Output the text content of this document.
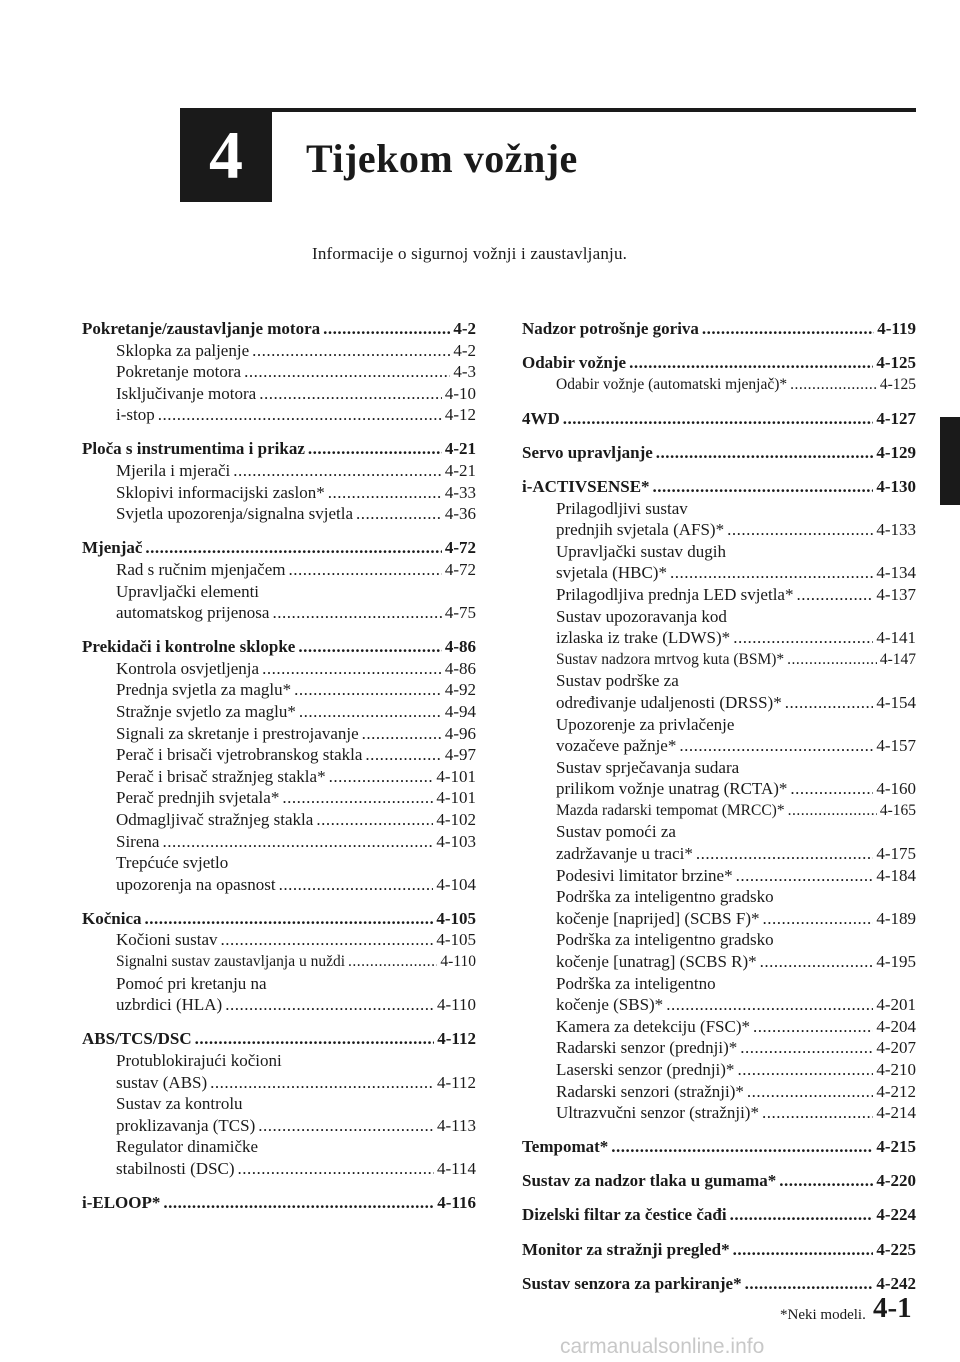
4 Tijekom vožnje
Informacije o sigurnoj vožnji i zaustavljanju.
Pokretanje/zaustavljanje motora .....	4-2
Sklopka za paljenje .....	4-2
Pokretanje motora .....	4-3
Isključivanje motora .....	4-10
i-stop .....	4-12
Ploča s instrumentima i prikaz .....	4-21
Mjerila i mjerači .....	4-21
Sklopivi informacijski zaslon* .....	4-33
Svjetla upozorenja/signalna svjetla .....	4-36
Mjenjač .....	4-72
Rad s ručnim mjenjačem .....	4-72
Upravljački elementi
automatskog prijenosa .....	4-75
Prekidači i kontrolne sklopke .....	4-86
Kontrola osvjetljenja .....	4-86
Prednja svjetla za maglu* .....	4-92
Stražnje svjetlo za maglu* .....	4-94
Signali za skretanje i prestrojavanje .....	4-96
Perač i brisači vjetrobranskog stakla .....	4-97
Perač i brisač stražnjeg stakla* .....	4-101
Perač prednjih svjetala* .....	4-101
Odmagljivač stražnjeg stakla .....	4-102
Sirena .....	4-103
Trepćuće svjetlo
upozorenja na opasnost .....	4-104
Kočnica .....	4-105
Kočioni sustav .....	4-105
Signalni sustav zaustavljanja u nuždi .....	4-110
Pomoć pri kretanju na
uzbrdici (HLA) .....	4-110
ABS/TCS/DSC .....	4-112
Protublokirajući kočioni
sustav (ABS) .....	4-112
Sustav za kontrolu
proklizavanja (TCS) .....	4-113
Regulator dinamičke
stabilnosti (DSC) .....	4-114
i-ELOOP* .....	4-116
Nadzor potrošnje goriva .....	4-119
Odabir vožnje .....	4-125
Odabir vožnje (automatski mjenjač)* .....	4-125
4WD .....	4-127
Servo upravljanje .....	4-129
i-ACTIVSENSE* .....	4-130
Prilagodljivi sustav
prednjih svjetala (AFS)* .....	4-133
Upravljački sustav dugih
svjetala (HBC)* .....	4-134
Prilagodljiva prednja LED svjetla* .....	4-137
Sustav upozoravanja kod
izlaska iz trake (LDWS)* .....	4-141
Sustav nadzora mrtvog kuta (BSM)* .....	4-147
Sustav podrške za
određivanje udaljenosti (DRSS)* .....	4-154
Upozorenje za privlačenje
vozačeve pažnje* .....	4-157
Sustav sprječavanja sudara
prilikom vožnje unatrag (RCTA)* .....	4-160
Mazda radarski tempomat (MRCC)* .....	4-165
Sustav pomoći za
zadržavanje u traci* .....	4-175
Podesivi limitator brzine* .....	4-184
Podrška za inteligentno gradsko
kočenje [naprijed] (SCBS F)* .....	4-189
Podrška za inteligentno gradsko
kočenje [unatrag] (SCBS R)* .....	4-195
Podrška za inteligentno
kočenje (SBS)* .....	4-201
Kamera za detekciju (FSC)* .....	4-204
Radarski senzor (prednji)* .....	4-207
Laserski senzor (prednji)* .....	4-210
Radarski senzori (stražnji)* .....	4-212
Ultrazvučni senzor (stražnji)* .....	4-214
Tempomat* .....	4-215
Sustav za nadzor tlaka u gumama* .....	4-220
Dizelski filtar za čestice čađi .....	4-224
Monitor za stražnji pregled* .....	4-225
Sustav senzora za parkiranje* .....	4-242
*Neki modeli. 4-1
carmanualsonline.info
